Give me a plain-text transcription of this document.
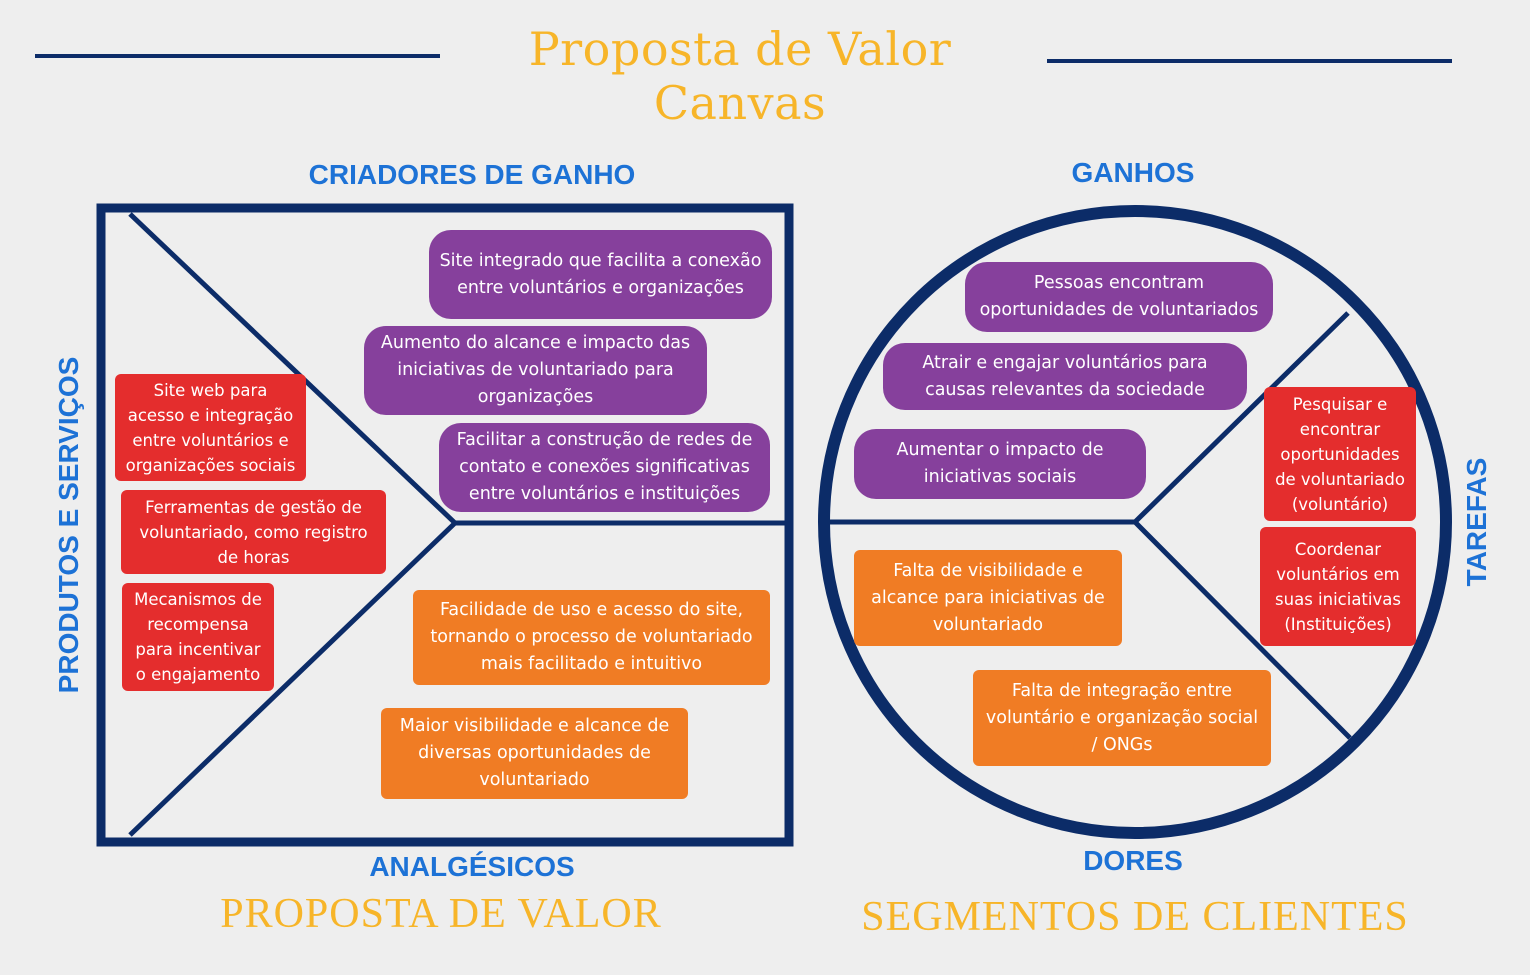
Proposta de Valor Canvas
CRIADORES DE GANHO
ANALGÉSICOS
PRODUTOS E SERVIÇOS
GANHOS
DORES
TAREFAS
PROPOSTA DE VALOR	SEGMENTOS DE CLIENTES
Site integrado que facilita a conexão entre voluntários e organizações
Aumento do alcance e impacto das iniciativas de voluntariado para organizações
Facilitar a construção de redes de contato e conexões significativas entre voluntários e instituições
Facilidade de uso e acesso do site, tornando o processo de voluntariado mais facilitado e intuitivo
Maior visibilidade e alcance de diversas oportunidades de voluntariado
Site web para acesso e integração entre voluntários e organizações sociais
Ferramentas de gestão de voluntariado, como registro de horas
Mecanismos de recompensa para incentivar o engajamento
Pessoas encontram oportunidades de voluntariados
Atrair e engajar voluntários para causas relevantes da sociedade
Aumentar o impacto de iniciativas sociais
Falta de visibilidade e alcance para iniciativas de voluntariado
Falta de integração entre voluntário e organização social / ONGs
Pesquisar e encontrar oportunidades de voluntariado (voluntário)
Coordenar voluntários em suas iniciativas (Instituições)
